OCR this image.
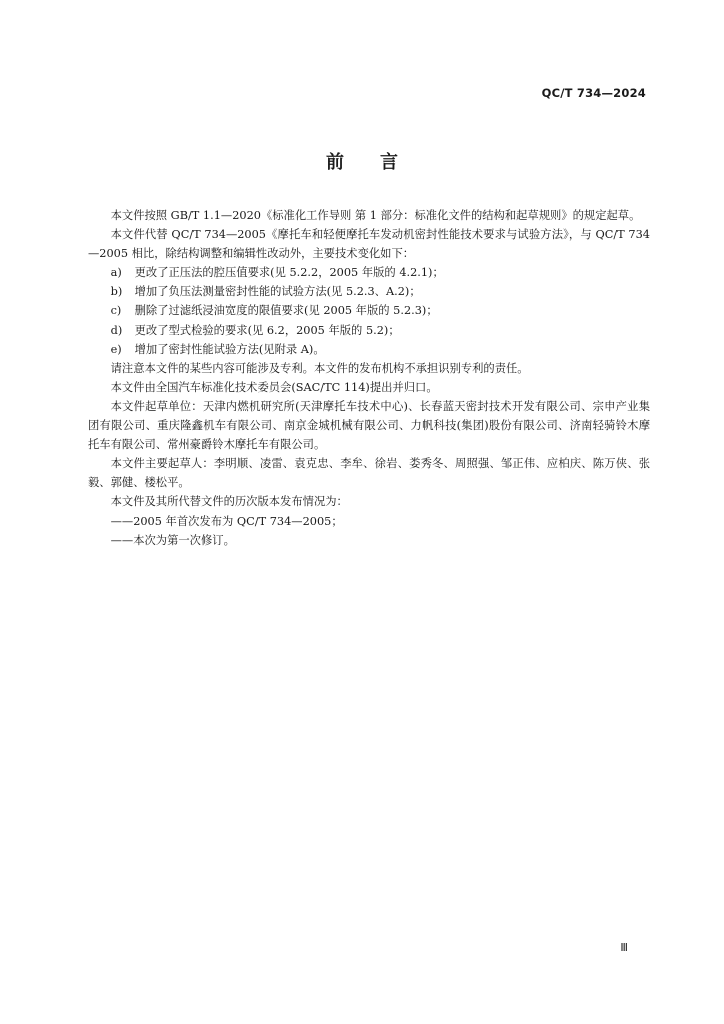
QC/T 734—2024
前言

本文件按照 GB/T 1.1—2020《标准化工作导则 第 1 部分：标准化文件的结构和起草规则》的规定起草。

本文件代替 QC/T 734—2005《摩托车和轻便摩托车发动机密封性能技术要求与试验方法》，与 QC/T 734—2005 相比，除结构调整和编辑性改动外，主要技术变化如下：

a)	更改了正压法的腔压值要求(见 5.2.2，2005 年版的 4.2.1)；

b)	增加了负压法测量密封性能的试验方法(见 5.2.3、A.2)；

c)	删除了过滤纸浸油宽度的限值要求(见 2005 年版的 5.2.3)；

d)	更改了型式检验的要求(见 6.2，2005 年版的 5.2)；

e)	增加了密封性能试验方法(见附录 A)。

请注意本文件的某些内容可能涉及专利。本文件的发布机构不承担识别专利的责任。

本文件由全国汽车标准化技术委员会(SAC/TC 114)提出并归口。

本文件起草单位：天津内燃机研究所(天津摩托车技术中心)、长春蓝天密封技术开发有限公司、宗申产业集团有限公司、重庆隆鑫机车有限公司、南京金城机械有限公司、力帆科技(集团)股份有限公司、济南轻骑铃木摩托车有限公司、常州豪爵铃木摩托车有限公司。

本文件主要起草人：李明顺、凌雷、袁克忠、李牟、徐岩、娄秀冬、周照强、邹正伟、应柏庆、陈万侠、张毅、郭健、楼松平。

本文件及其所代替文件的历次版本发布情况为：

——2005 年首次发布为 QC/T 734—2005；

——本次为第一次修订。

Ⅲ
